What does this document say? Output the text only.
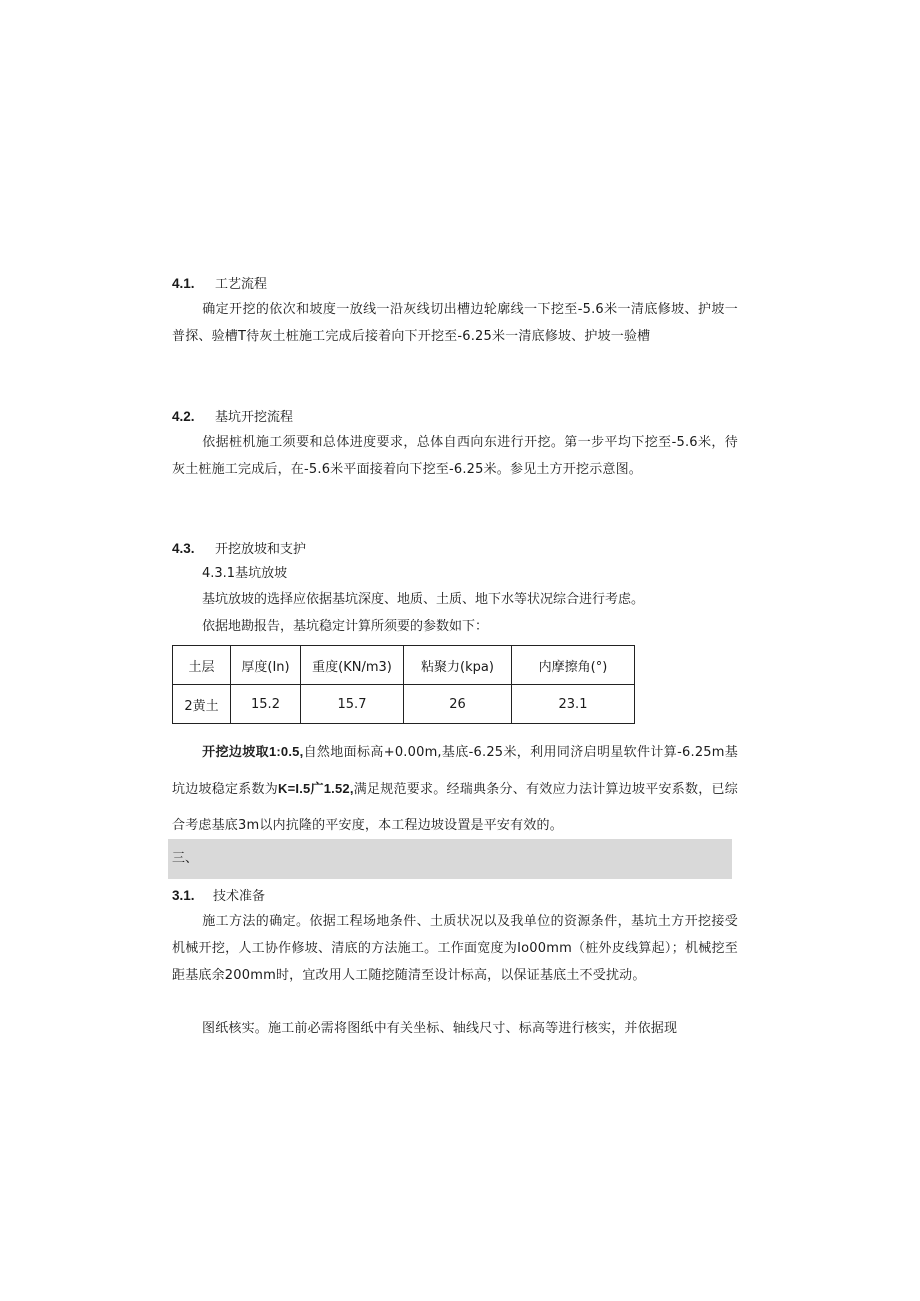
4.1. 工艺流程
确定开挖的依次和坡度一放线一沿灰线切出槽边轮廓线一下挖至-5.6米一清底修坡、护坡一普探、验槽T待灰土桩施工完成后接着向下开挖至-6.25米一清底修坡、护坡一验槽
4.2. 基坑开挖流程
依据桩机施工须要和总体进度要求，总体自西向东进行开挖。第一步平均下挖至-5.6米，待灰土桩施工完成后，在-5.6米平面接着向下挖至-6.25米。参见土方开挖示意图。
4.3. 开挖放坡和支护
4.3.1基坑放坡
基坑放坡的选择应依据基坑深度、地质、土质、地下水等状况综合进行考虑。
依据地勘报告，基坑稳定计算所须要的参数如下：
土层	厚度(In)	重度(KN/m3)	粘聚力(kpa)	内摩擦角(°)
2黄土	15.2	15.7	26	23.1
开挖边坡取1:0.5,自然地面标高+0.00m,基底-6.25米，利用同济启明星软件计算-6.25m基坑边坡稳定系数为K=I.5广1.52,满足规范要求。经瑞典条分、有效应力法计算边坡平安系数，已综合考虑基底3m以内抗隆的平安度，本工程边坡设置是平安有效的。
三、
3.1. 技术准备
施工方法的确定。依据工程场地条件、土质状况以及我单位的资源条件，基坑土方开挖接受机械开挖，人工协作修坡、清底的方法施工。工作面宽度为Io00mm（桩外皮线算起）；机械挖至距基底余200mm时，宜改用人工随挖随清至设计标高，以保证基底土不受扰动。
图纸核实。施工前必需将图纸中有关坐标、轴线尺寸、标高等进行核实，并依据现
